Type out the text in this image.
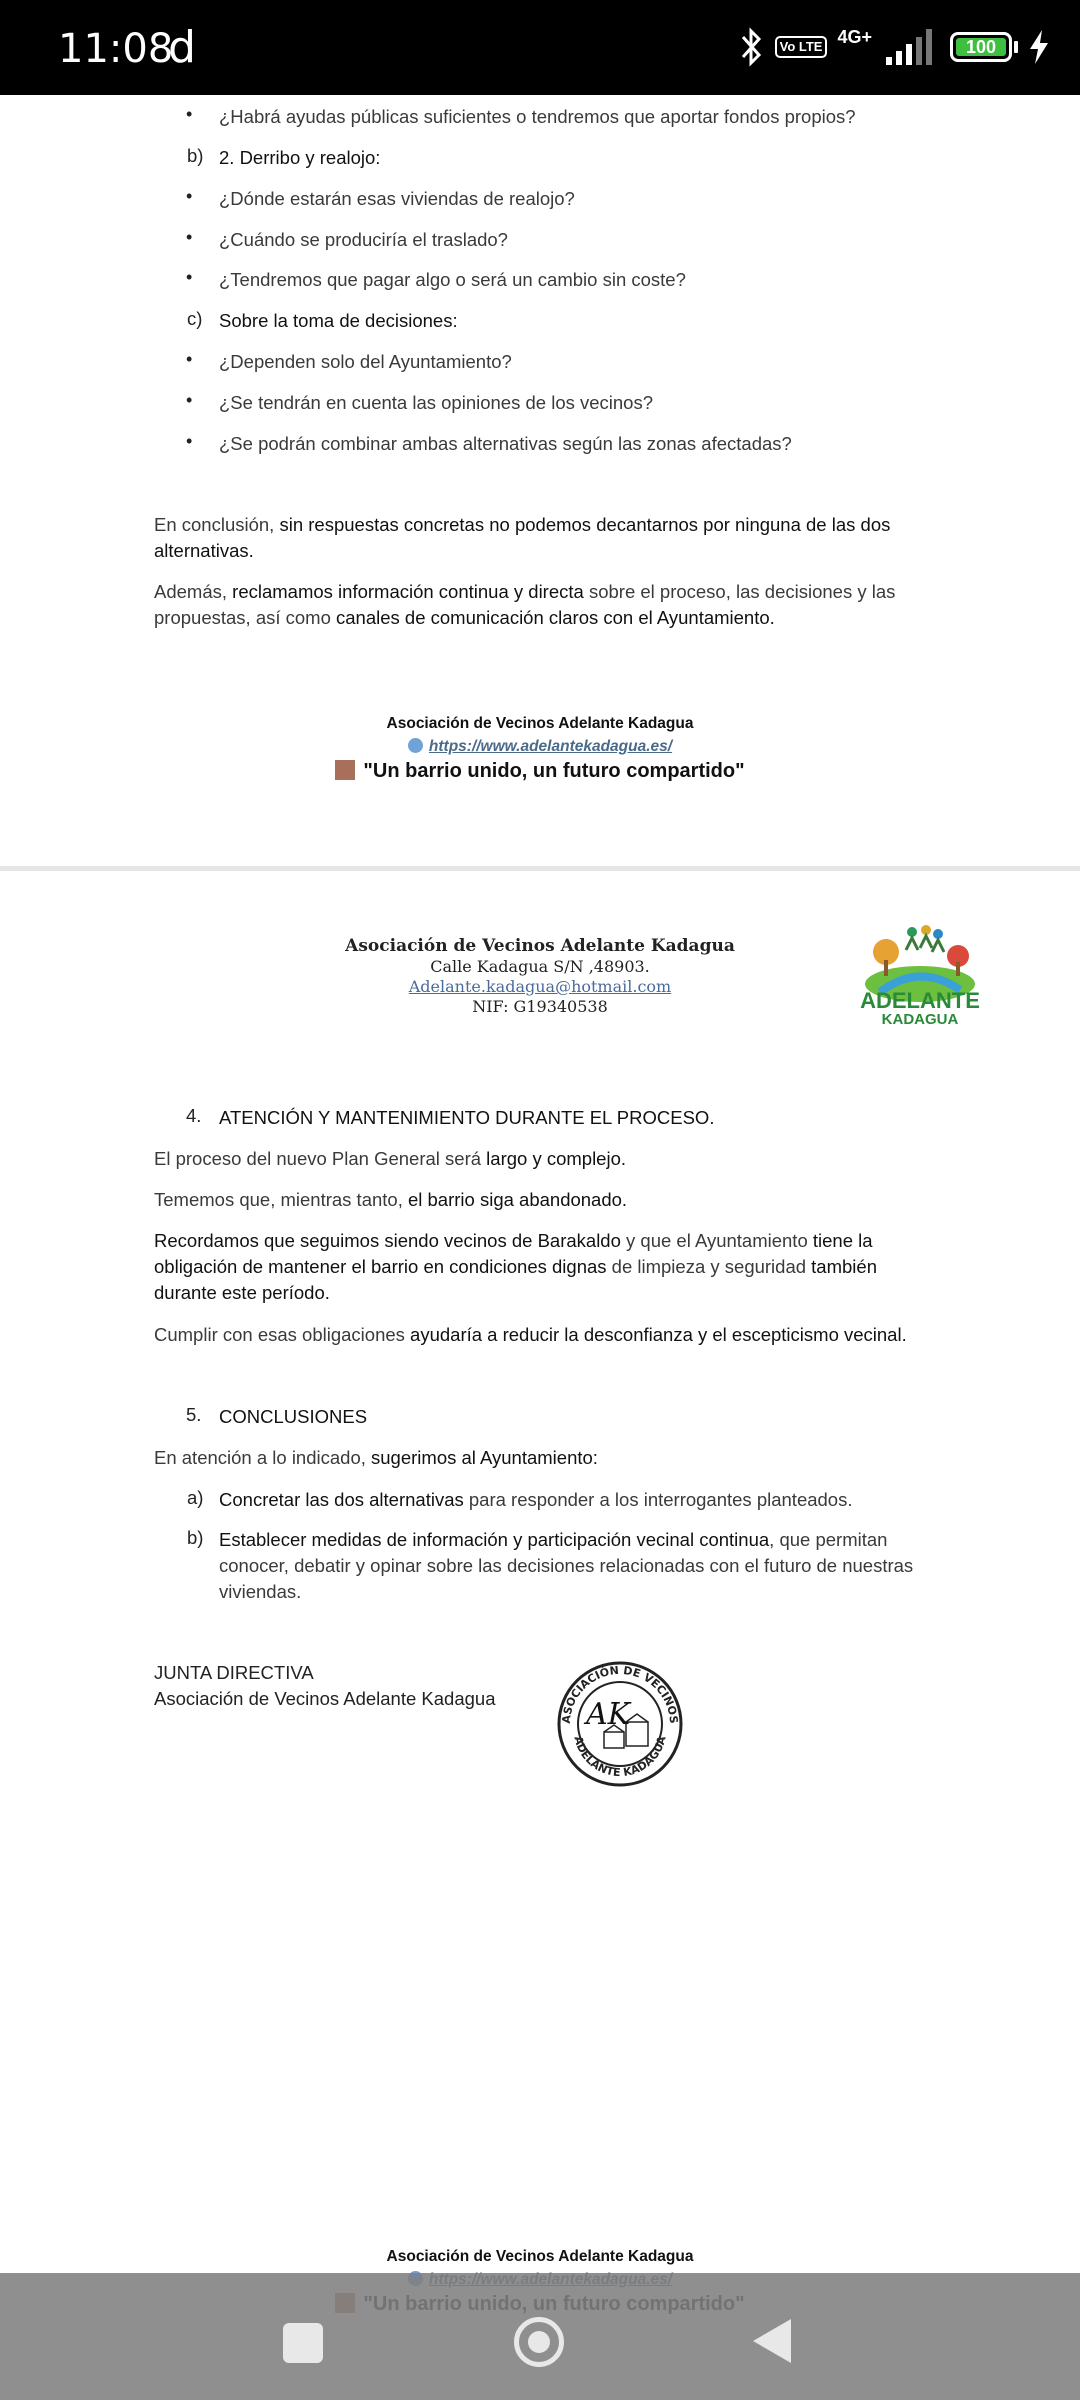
11:08
d	Vo LTE 4G+
100
• ¿Habrá ayudas públicas suficientes o tendremos que aportar fondos propios?
b) 2. Derribo y realojo:
• ¿Dónde estarán esas viviendas de realojo?
• ¿Cuándo se produciría el traslado?
• ¿Tendremos que pagar algo o será un cambio sin coste?
c) Sobre la toma de decisiones:
• ¿Dependen solo del Ayuntamiento?
• ¿Se tendrán en cuenta las opiniones de los vecinos?
• ¿Se podrán combinar ambas alternativas según las zonas afectadas?
En conclusión, sin respuestas concretas no podemos decantarnos por ninguna de las dos
alternativas.
Además, reclamamos información continua y directa sobre el proceso, las decisiones y las
propuestas, así como canales de comunicación claros con el Ayuntamiento.
Asociación de Vecinos Adelante Kadagua
https://www.adelantekadagua.es/
"Un barrio unido, un futuro compartido"
Asociación de Vecinos Adelante Kadagua
Calle Kadagua S/N ,48903.
Adelante.kadagua@hotmail.com
NIF: G19340538	ADELANTE
KADAGUA
4. ATENCIÓN Y MANTENIMIENTO DURANTE EL PROCESO.
El proceso del nuevo Plan General será largo y complejo.
Tememos que, mientras tanto, el barrio siga abandonado.
Recordamos que seguimos siendo vecinos de Barakaldo y que el Ayuntamiento tiene la
obligación de mantener el barrio en condiciones dignas de limpieza y seguridad también
durante este período.
Cumplir con esas obligaciones ayudaría a reducir la desconfianza y el escepticismo vecinal.
5. CONCLUSIONES
En atención a lo indicado, sugerimos al Ayuntamiento:
a) Concretar las dos alternativas para responder a los interrogantes planteados.
b) Establecer medidas de información y participación vecinal continua, que permitan
conocer, debatir y opinar sobre las decisiones relacionadas con el futuro de nuestras
viviendas.
JUNTA DIRECTIVA
Asociación de Vecinos Adelante Kadagua
ASOCIACIÓN DE VECINOS
ADELANTE KADAGUA
AK
Asociación de Vecinos Adelante Kadagua
